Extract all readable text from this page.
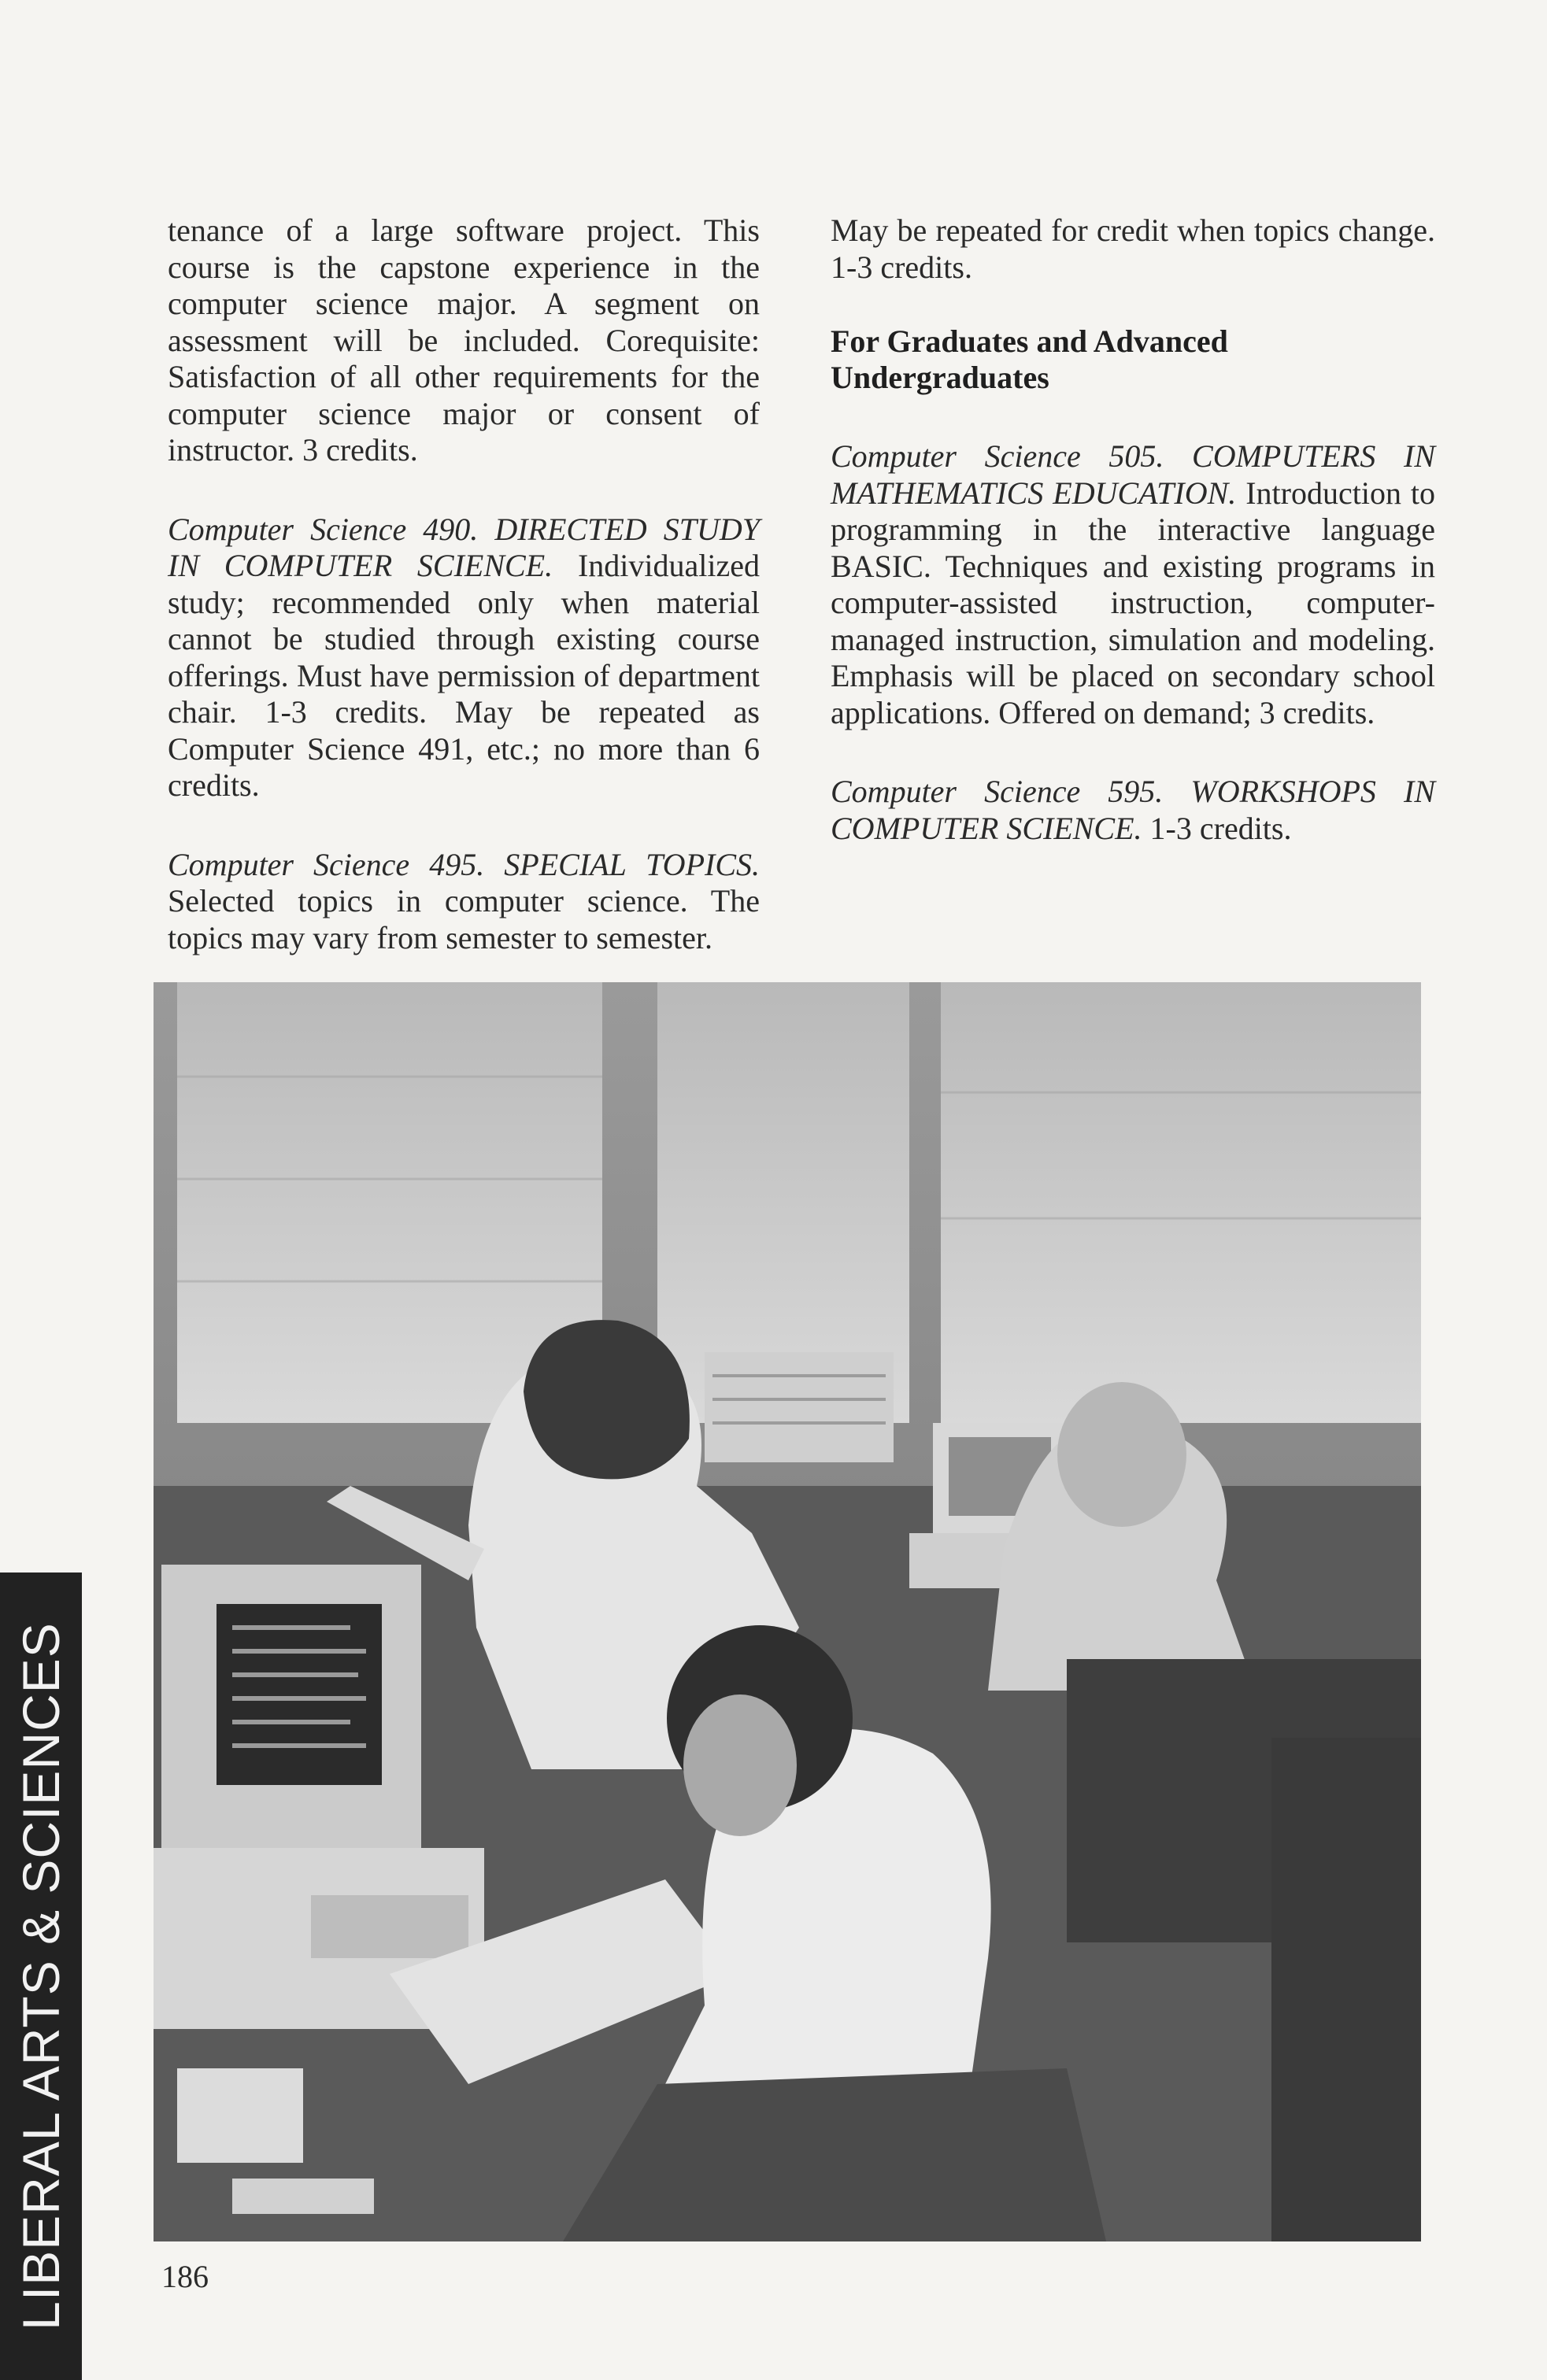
tenance of a large software project. This course is the capstone experience in the computer science major. A segment on assessment will be included. Corequisite: Satisfaction of all other requirements for the computer science major or consent of instructor. 3 credits.

Computer Science 490. DIRECTED STUDY IN COMPUTER SCIENCE. Individualized study; recommended only when material cannot be studied through existing course offerings. Must have permission of department chair. 1-3 credits. May be repeated as Computer Science 491, etc.; no more than 6 credits.

Computer Science 495. SPECIAL TOPICS. Selected topics in computer science. The topics may vary from semester to semester.

May be repeated for credit when topics change. 1-3 credits.

For Graduates and Advanced Undergraduates

Computer Science 505. COMPUTERS IN MATHEMATICS EDUCATION. Introduction to programming in the interactive language BASIC. Techniques and existing programs in computer-assisted instruction, computer-managed instruction, simulation and modeling. Emphasis will be placed on secondary school applications. Offered on demand; 3 credits.

Computer Science 595. WORKSHOPS IN COMPUTER SCIENCE. 1-3 credits.

LIBERAL ARTS & SCIENCES	186
